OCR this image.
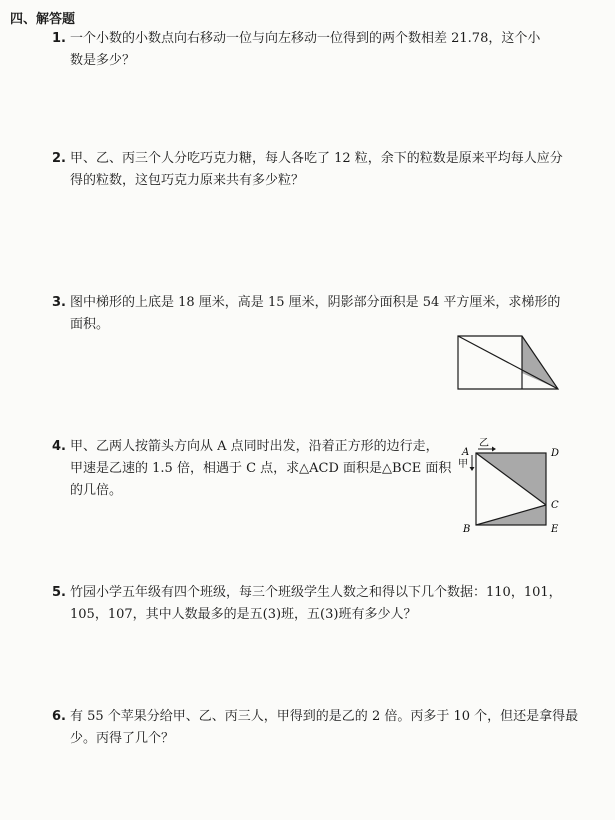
四、解答题
1. 一个小数的小数点向右移动一位与向左移动一位得到的两个数相差 21.78，这个小
数是多少？
2. 甲、乙、丙三个人分吃巧克力糖，每人各吃了 12 粒，余下的粒数是原来平均每人应分
得的粒数，这包巧克力原来共有多少粒？
3. 图中梯形的上底是 18 厘米，高是 15 厘米，阴影部分面积是 54 平方厘米，求梯形的
面积。
4. 甲、乙两人按箭头方向从 A 点同时出发，沿着正方形的边行走，
甲速是乙速的 1.5 倍，相遇于 C 点，求△ACD 面积是△BCE 面积
的几倍。
A
乙
甲
D
C
B	E
5. 竹园小学五年级有四个班级，每三个班级学生人数之和得以下几个数据：110，101，
105，107，其中人数最多的是五(3)班，五(3)班有多少人？
6. 有 55 个苹果分给甲、乙、丙三人，甲得到的是乙的 2 倍。丙多于 10 个，但还是拿得最
少。丙得了几个？
